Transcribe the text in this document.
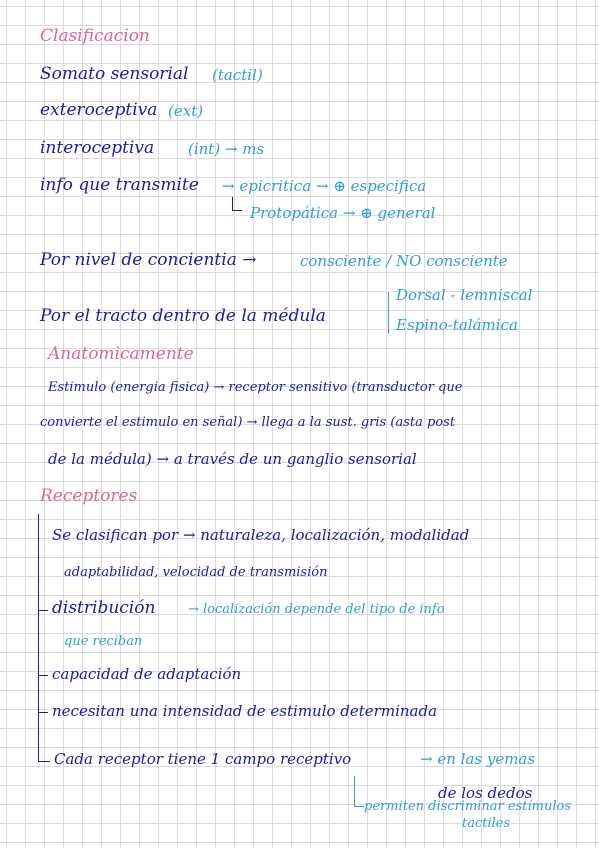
Clasificacion
Somato sensorial (tactil)
exteroceptiva (ext)
interoceptiva (int) → ms
info que transmite → epicritica → ⊕ especifica
Protopática → ⊕ general
Por nivel de concientia →	consciente / NO consciente
Por el tracto dentro de la médula
Dorsal - lemniscal
Espino-talámica
Anatomicamente
Estimulo (energia fisica) → receptor sensitivo (transductor que
convierte el estimulo en señal) → llega a la sust. gris (asta post
de la médula) → a través de un ganglio sensorial
Receptores
Se clasifican por → naturaleza, localización, modalidad
adaptabilidad, velocidad de transmisión
distribución	→ localización depende del tipo de info
que reciban
capacidad de adaptación
necesitan una intensidad de estimulo determinada
Cada receptor tiene 1 campo receptivo	→ en las yemas
de los dedos
permiten discriminar estímulos
tactiles
